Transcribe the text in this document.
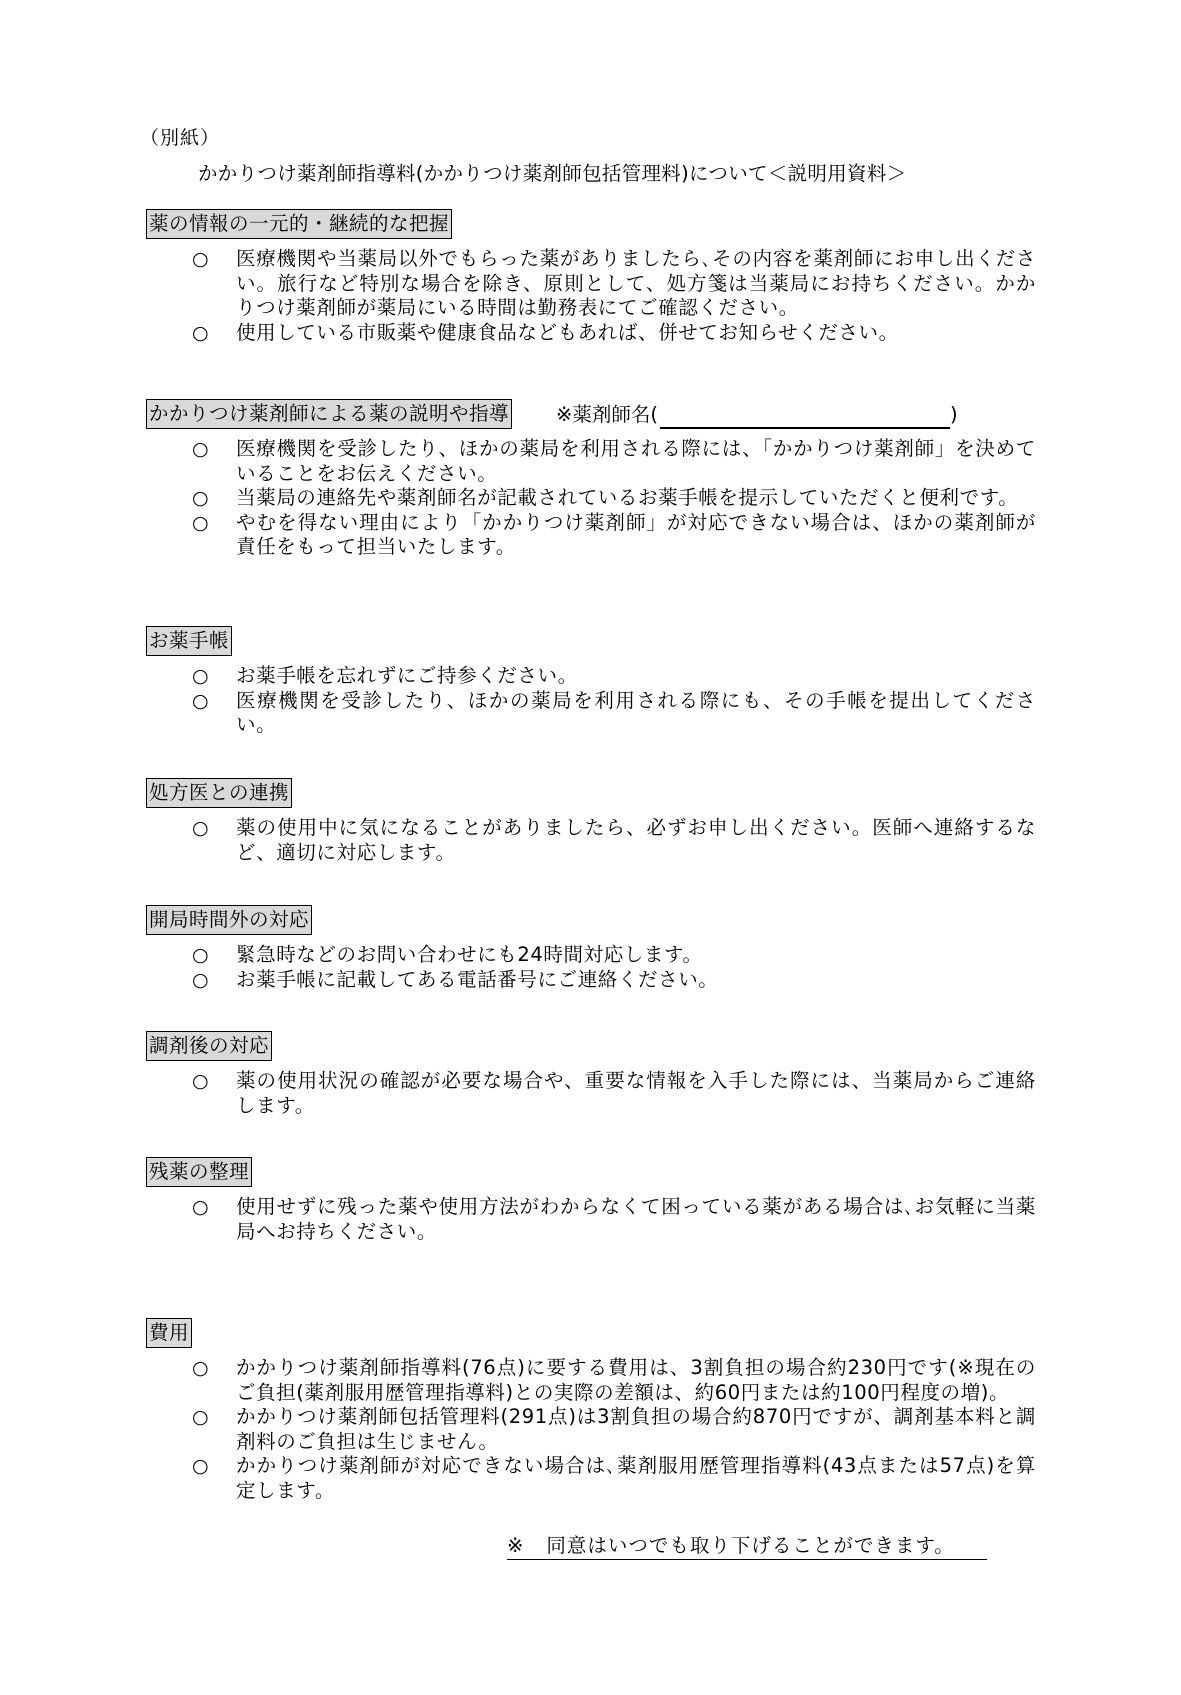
（別紙）
かかりつけ薬剤師指導料(かかりつけ薬剤師包括管理料)について＜説明用資料＞
薬の情報の一元的・継続的な把握
○ 医療機関や当薬局以外でもらった薬がありましたら､その内容を薬剤師にお申し出ください。旅行など特別な場合を除き、原則として、処方箋は当薬局にお持ちください。かかりつけ薬剤師が薬局にいる時間は勤務表にてご確認ください。
○ 使用している市販薬や健康食品などもあれば、併せてお知らせください。
かかりつけ薬剤師による薬の説明や指導 ※薬剤師名 (	)
○ 医療機関を受診したり、ほかの薬局を利用される際には、「かかりつけ薬剤師」を決めていることをお伝えください。
○ 当薬局の連絡先や薬剤師名が記載されているお薬手帳を提示していただくと便利です。
○ やむを得ない理由により「かかりつけ薬剤師」が対応できない場合は、ほかの薬剤師が責任をもって担当いたします。
お薬手帳
○ お薬手帳を忘れずにご持参ください。
○ 医療機関を受診したり、ほかの薬局を利用される際にも、その手帳を提出してください。
処方医との連携
○ 薬の使用中に気になることがありましたら、必ずお申し出ください。医師へ連絡するなど、適切に対応します。
開局時間外の対応
○ 緊急時などのお問い合わせにも24時間対応します。
○ お薬手帳に記載してある電話番号にご連絡ください。
調剤後の対応
○ 薬の使用状況の確認が必要な場合や、重要な情報を入手した際には、当薬局からご連絡します。
残薬の整理
○ 使用せずに残った薬や使用方法がわからなくて困っている薬がある場合は､お気軽に当薬局へお持ちください。
費用
○ かかりつけ薬剤師指導料(76点)に要する費用は、3割負担の場合約230円です(※現在のご負担(薬剤服用歴管理指導料)との実際の差額は、約60円または約100円程度の増)。
○ かかりつけ薬剤師包括管理料(291点)は3割負担の場合約870円ですが、調剤基本料と調剤料のご負担は生じません。
○ かかりつけ薬剤師が対応できない場合は､薬剤服用歴管理指導料(43点または57点)を算定します。
※ 同意はいつでも取り下げることができます。
